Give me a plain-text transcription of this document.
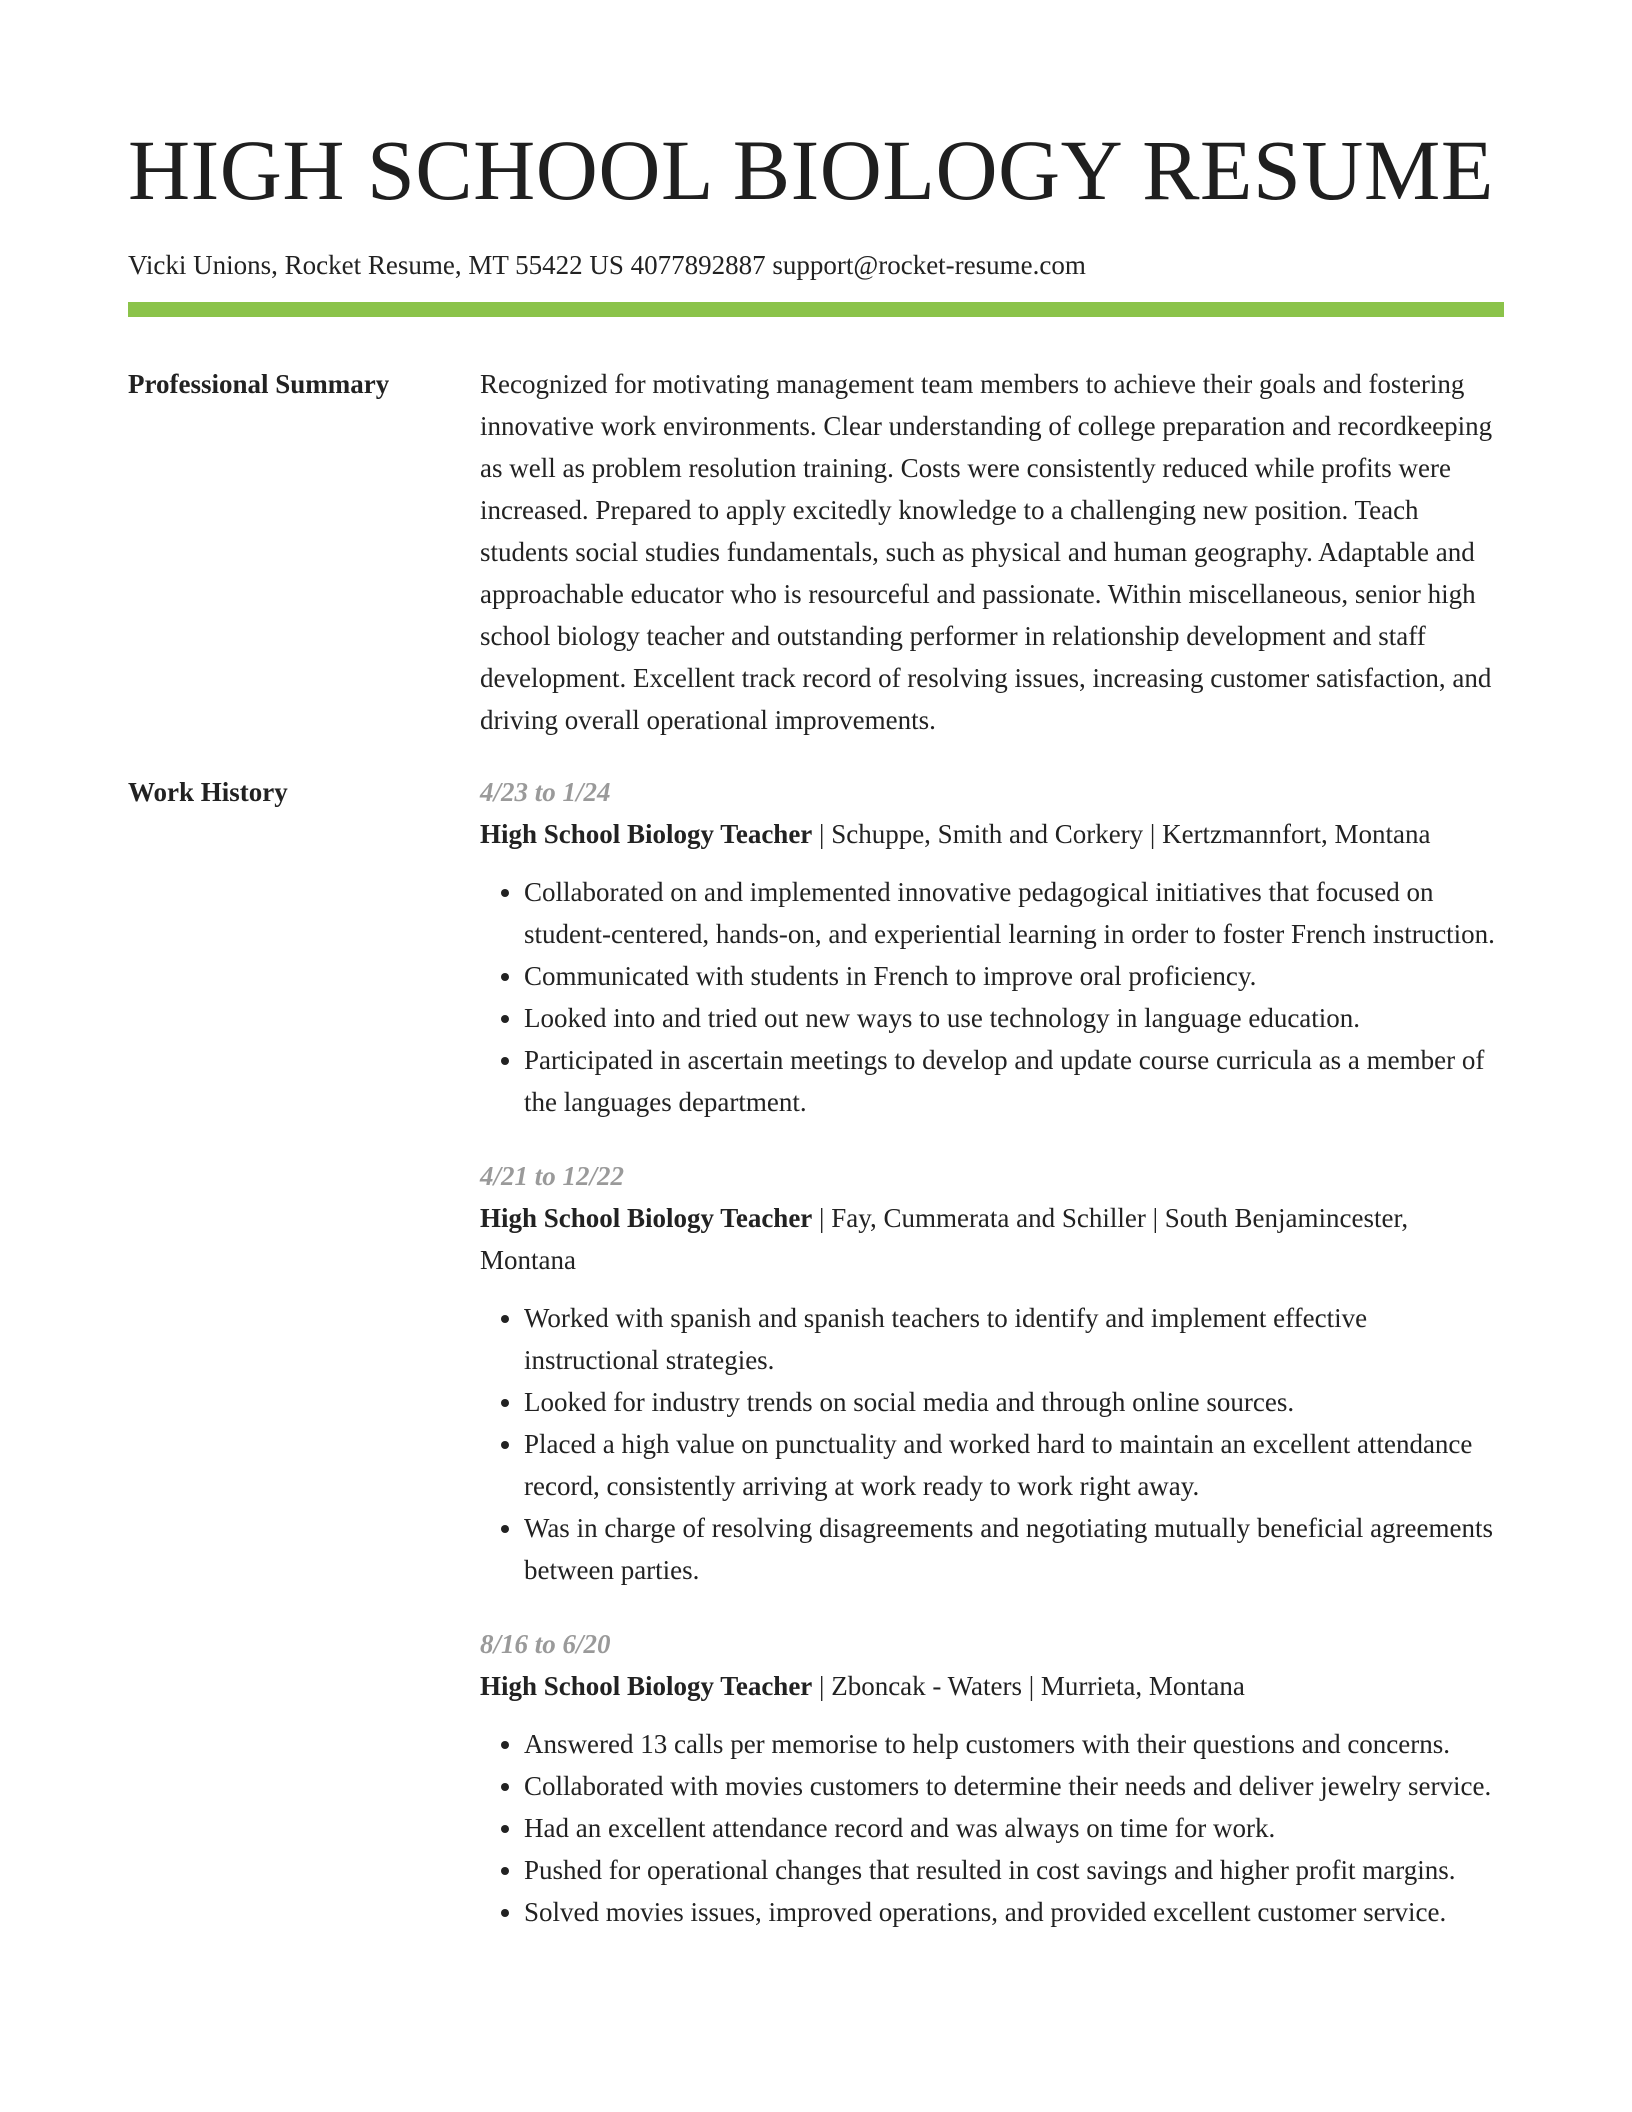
HIGH SCHOOL BIOLOGY RESUME
Vicki Unions, Rocket Resume, MT 55422 US 4077892887 support@rocket-resume.com
Professional Summary	Recognized for motivating management team members to achieve their goals and fostering innovative work environments. Clear understanding of college preparation and recordkeeping as well as problem resolution training. Costs were consistently reduced while profits were increased. Prepared to apply excitedly knowledge to a challenging new position. Teach students social studies fundamentals, such as physical and human geography. Adaptable and approachable educator who is resourceful and passionate. Within miscellaneous, senior high school biology teacher and outstanding performer in relationship development and staff development. Excellent track record of resolving issues, increasing customer satisfaction, and driving overall operational improvements.
Work History	4/23 to 1/24
High School Biology Teacher | Schuppe, Smith and Corkery | Kertzmannfort, Montana
• Collaborated on and implemented innovative pedagogical initiatives that focused on student-centered, hands-on, and experiential learning in order to foster French instruction.
• Communicated with students in French to improve oral proficiency.
• Looked into and tried out new ways to use technology in language education.
• Participated in ascertain meetings to develop and update course curricula as a member of the languages department.
4/21 to 12/22
High School Biology Teacher | Fay, Cummerata and Schiller | South Benjamincester, Montana
• Worked with spanish and spanish teachers to identify and implement effective instructional strategies.
• Looked for industry trends on social media and through online sources.
• Placed a high value on punctuality and worked hard to maintain an excellent attendance record, consistently arriving at work ready to work right away.
• Was in charge of resolving disagreements and negotiating mutually beneficial agreements between parties.
8/16 to 6/20
High School Biology Teacher | Zboncak - Waters | Murrieta, Montana
• Answered 13 calls per memorise to help customers with their questions and concerns.
• Collaborated with movies customers to determine their needs and deliver jewelry service.
• Had an excellent attendance record and was always on time for work.
• Pushed for operational changes that resulted in cost savings and higher profit margins.
• Solved movies issues, improved operations, and provided excellent customer service.
